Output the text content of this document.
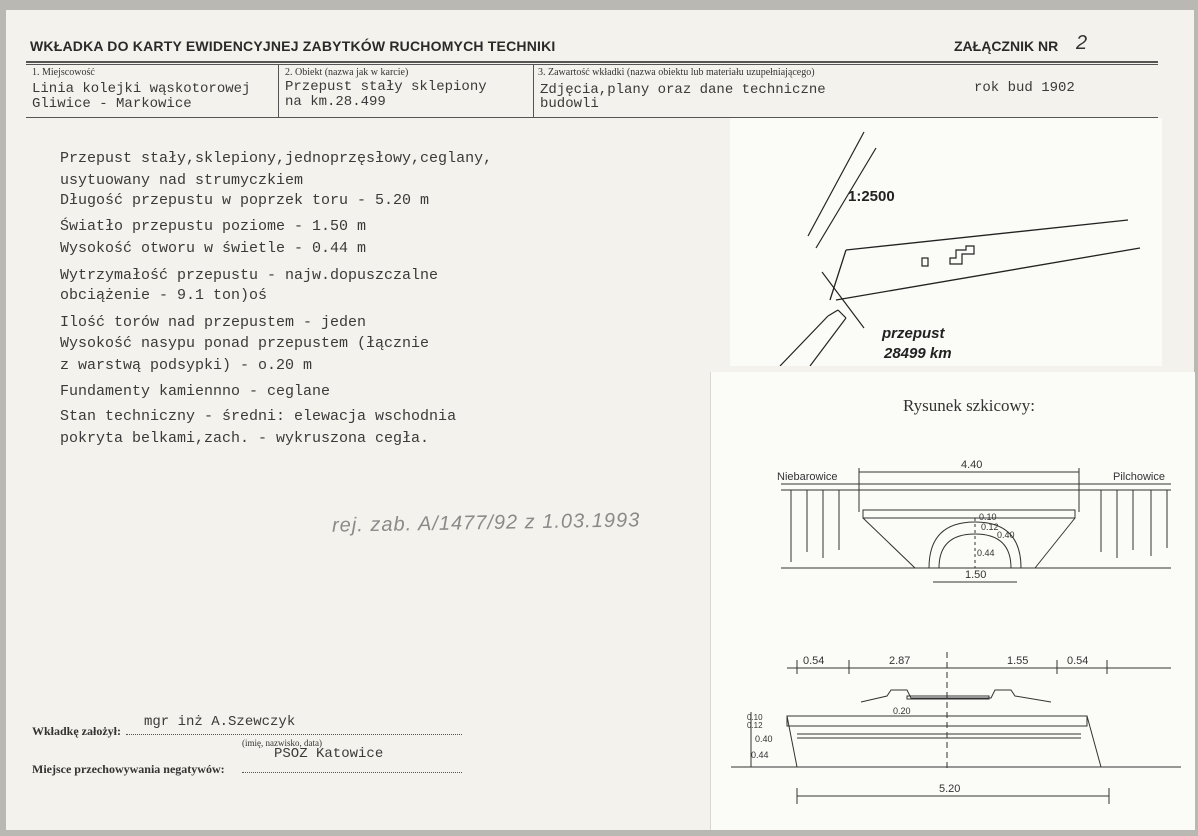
WKŁADKA DO KARTY EWIDENCYJNEJ ZABYTKÓW RUCHOMYCH TECHNIKI	ZAŁĄCZNIK NR 2
1. Miejscowość
Linia kolejki wąskotorowej
Gliwice - Markowice
2. Obiekt (nazwa jak w karcie)
Przepust stały sklepiony
na km.28.499
3. Zawartość wkładki (nazwa obiektu lub materiału uzupełniającego)
Zdjęcia,plany oraz dane techniczne
budowli
rok bud 1902
Przepust stały,sklepiony,jednoprzęsłowy,ceglany,
usytuowany nad strumyczkiem
Długość przepustu w poprzek toru - 5.20 m
Światło przepustu poziome - 1.50 m
Wysokość otworu w świetle - 0.44 m
Wytrzymałość przepustu - najw.dopuszczalne
obciążenie - 9.1 ton)oś
Ilość torów nad przepustem - jeden
Wysokość nasypu ponad przepustem (łącznie
z warstwą podsypki) - o.20 m
Fundamenty kamiennno - ceglane
Stan techniczny - średni: elewacja wschodnia
pokryta belkami,zach. - wykruszona cegła.
rej. zab. A/1477/92 z 1.03.1993
1:2500
przepust
28499 km
Rysunek szkicowy:
Niebarowice	Pilchowice
4.40
0.10
0.12
0.40
0.44
1.50
0.54	2.87	1.55	0.54
0.20
0.10
0.12
0.40
0.44
5.20
Wkładkę założył:
mgr inż A.Szewczyk
(imię, nazwisko, data)
Miejsce przechowywania negatywów:
PSOZ Katowice
